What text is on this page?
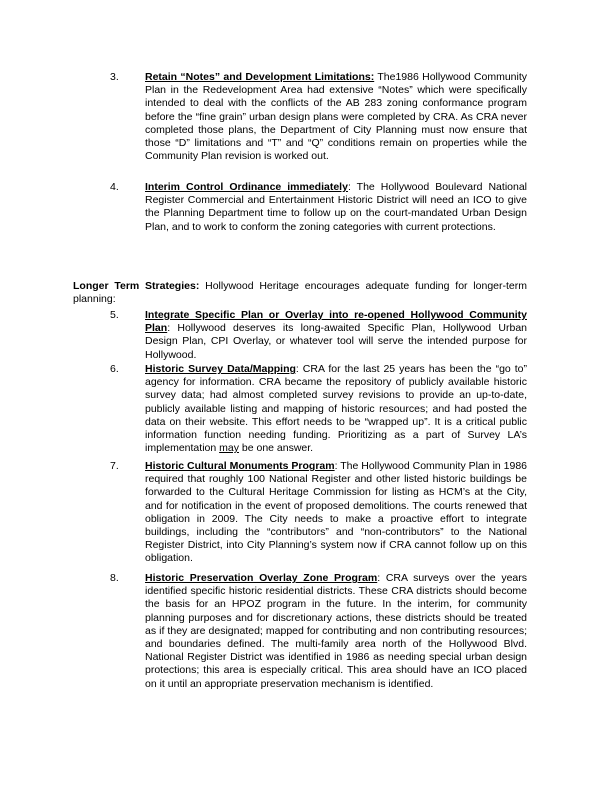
3.	Retain “Notes” and Development Limitations: The1986 Hollywood Community Plan in the Redevelopment Area had extensive “Notes” which were specifically intended to deal with the conflicts of the AB 283 zoning conformance program before the “fine grain” urban design plans were completed by CRA. As CRA never completed those plans, the Department of City Planning must now ensure that those “D” limitations and “T” and “Q” conditions remain on properties while the Community Plan revision is worked out.
4.	Interim Control Ordinance immediately: The Hollywood Boulevard National Register Commercial and Entertainment Historic District will need an ICO to give the Planning Department time to follow up on the court-mandated Urban Design Plan, and to work to conform the zoning categories with current protections.
Longer Term Strategies: Hollywood Heritage encourages adequate funding for longer-term planning:
5.	Integrate Specific Plan or Overlay into re-opened Hollywood Community Plan: Hollywood deserves its long-awaited Specific Plan, Hollywood Urban Design Plan, CPI Overlay, or whatever tool will serve the intended purpose for Hollywood.
6.	Historic Survey Data/Mapping: CRA for the last 25 years has been the “go to” agency for information. CRA became the repository of publicly available historic survey data; had almost completed survey revisions to provide an up-to-date, publicly available listing and mapping of historic resources; and had posted the data on their website. This effort needs to be “wrapped up”. It is a critical public information function needing funding. Prioritizing as a part of Survey LA’s implementation may be one answer.
7.	Historic Cultural Monuments Program: The Hollywood Community Plan in 1986 required that roughly 100 National Register and other listed historic buildings be forwarded to the Cultural Heritage Commission for listing as HCM’s at the City, and for notification in the event of proposed demolitions. The courts renewed that obligation in 2009. The City needs to make a proactive effort to integrate buildings, including the “contributors” and “non-contributors” to the National Register District, into City Planning’s system now if CRA cannot follow up on this obligation.
8.	Historic Preservation Overlay Zone Program: CRA surveys over the years identified specific historic residential districts. These CRA districts should become the basis for an HPOZ program in the future. In the interim, for community planning purposes and for discretionary actions, these districts should be treated as if they are designated; mapped for contributing and non contributing resources; and boundaries defined. The multi-family area north of the Hollywood Blvd. National Register District was identified in 1986 as needing special urban design protections; this area is especially critical. This area should have an ICO placed on it until an appropriate preservation mechanism is identified.
